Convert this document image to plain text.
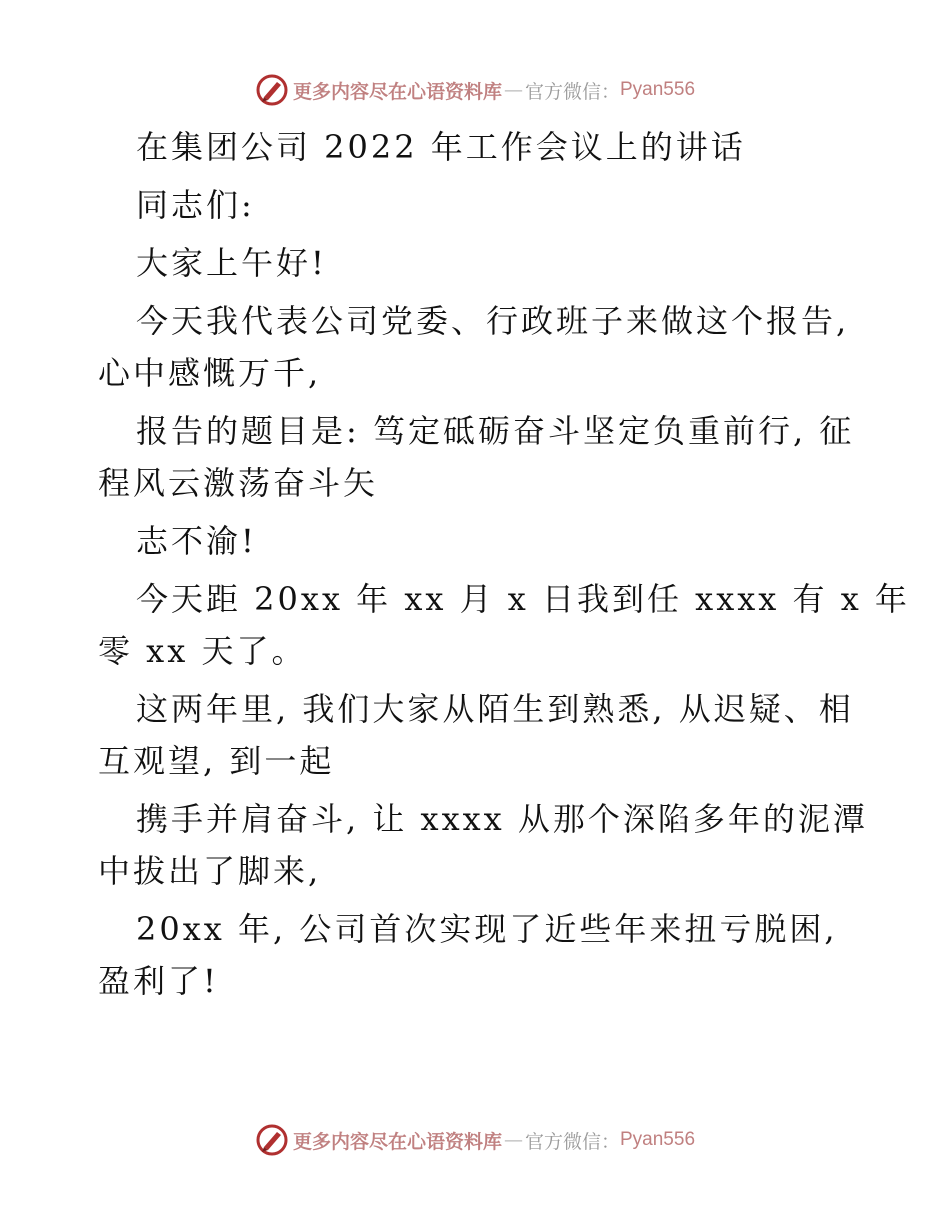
更多内容尽在心语资料库 — 官方微信： Pyan556
在集团公司 2022 年工作会议上的讲话
同志们:
大家上午好!
今天我代表公司党委、行政班子来做这个报告,
心中感慨万千,
报告的题目是: 笃定砥砺奋斗坚定负重前行, 征
程风云激荡奋斗矢
志不渝!
今天距 20xx 年 xx 月 x 日我到任 xxxx 有 x 年
零 xx 天了。
这两年里, 我们大家从陌生到熟悉, 从迟疑、相
互观望, 到一起
携手并肩奋斗, 让 xxxx 从那个深陷多年的泥潭
中拔出了脚来,
20xx 年, 公司首次实现了近些年来扭亏脱困,
盈利了!
更多内容尽在心语资料库 — 官方微信： Pyan556
